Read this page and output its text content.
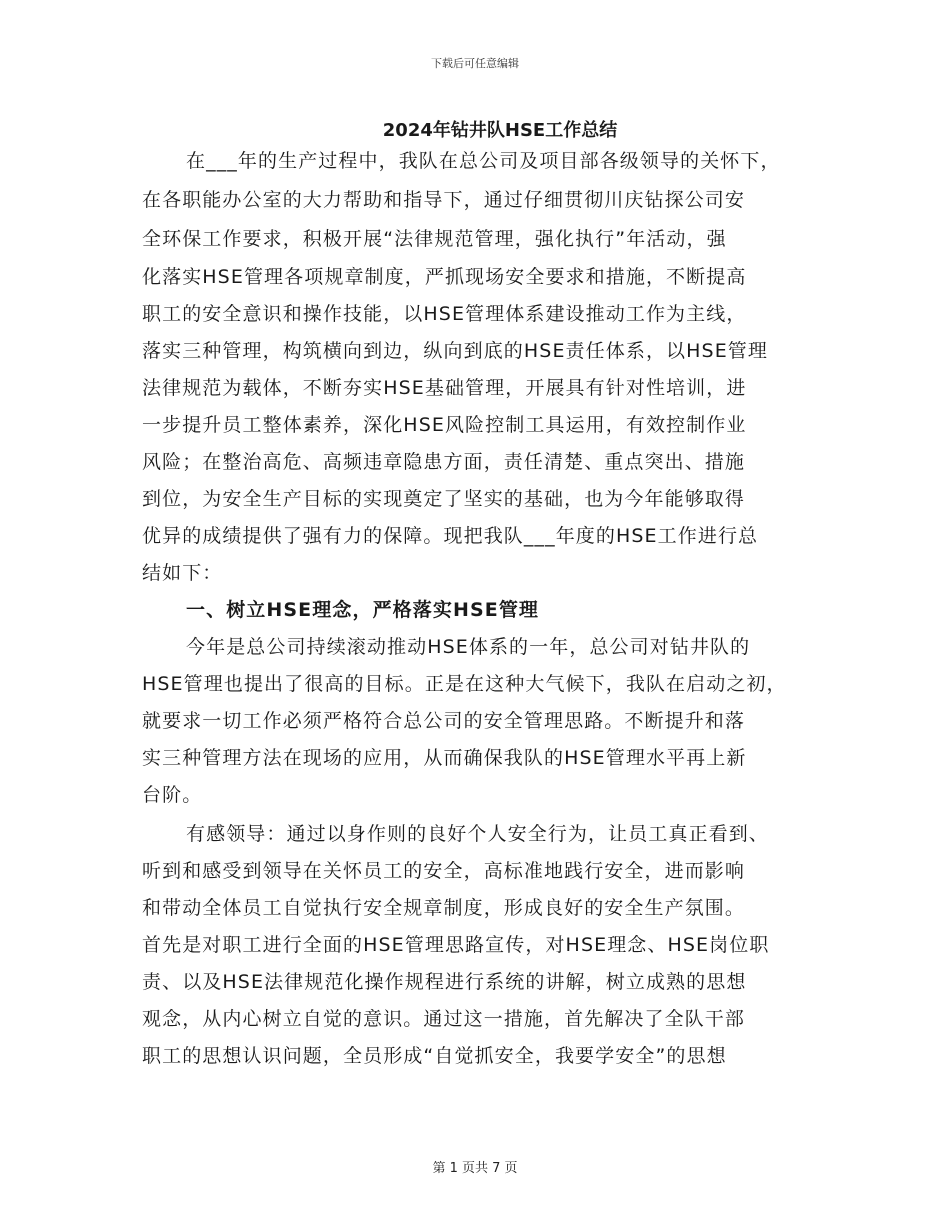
下载后可任意编辑
2024年钻井队HSE工作总结
在___年的生产过程中，我队在总公司及项目部各级领导的关怀下，
在各职能办公室的大力帮助和指导下，通过仔细贯彻川庆钻探公司安
全环保工作要求，积极开展“法律规范管理，强化执行”年活动，强
化落实HSE管理各项规章制度，严抓现场安全要求和措施，不断提高
职工的安全意识和操作技能，以HSE管理体系建设推动工作为主线，
落实三种管理，构筑横向到边，纵向到底的HSE责任体系，以HSE管理
法律规范为载体，不断夯实HSE基础管理，开展具有针对性培训，进
一步提升员工整体素养，深化HSE风险控制工具运用，有效控制作业
风险；在整治高危、高频违章隐患方面，责任清楚、重点突出、措施
到位，为安全生产目标的实现奠定了坚实的基础，也为今年能够取得
优异的成绩提供了强有力的保障。现把我队___年度的HSE工作进行总
结如下：
一、树立HSE理念，严格落实HSE管理
今年是总公司持续滚动推动HSE体系的一年，总公司对钻井队的
HSE管理也提出了很高的目标。正是在这种大气候下，我队在启动之初，
就要求一切工作必须严格符合总公司的安全管理思路。不断提升和落
实三种管理方法在现场的应用，从而确保我队的HSE管理水平再上新
台阶。
有感领导：通过以身作则的良好个人安全行为，让员工真正看到、
听到和感受到领导在关怀员工的安全，高标准地践行安全，进而影响
和带动全体员工自觉执行安全规章制度，形成良好的安全生产氛围。
首先是对职工进行全面的HSE管理思路宣传，对HSE理念、HSE岗位职
责、以及HSE法律规范化操作规程进行系统的讲解，树立成熟的思想
观念，从内心树立自觉的意识。通过这一措施，首先解决了全队干部
职工的思想认识问题，全员形成“自觉抓安全，我要学安全”的思想
第 1 页共 7 页
